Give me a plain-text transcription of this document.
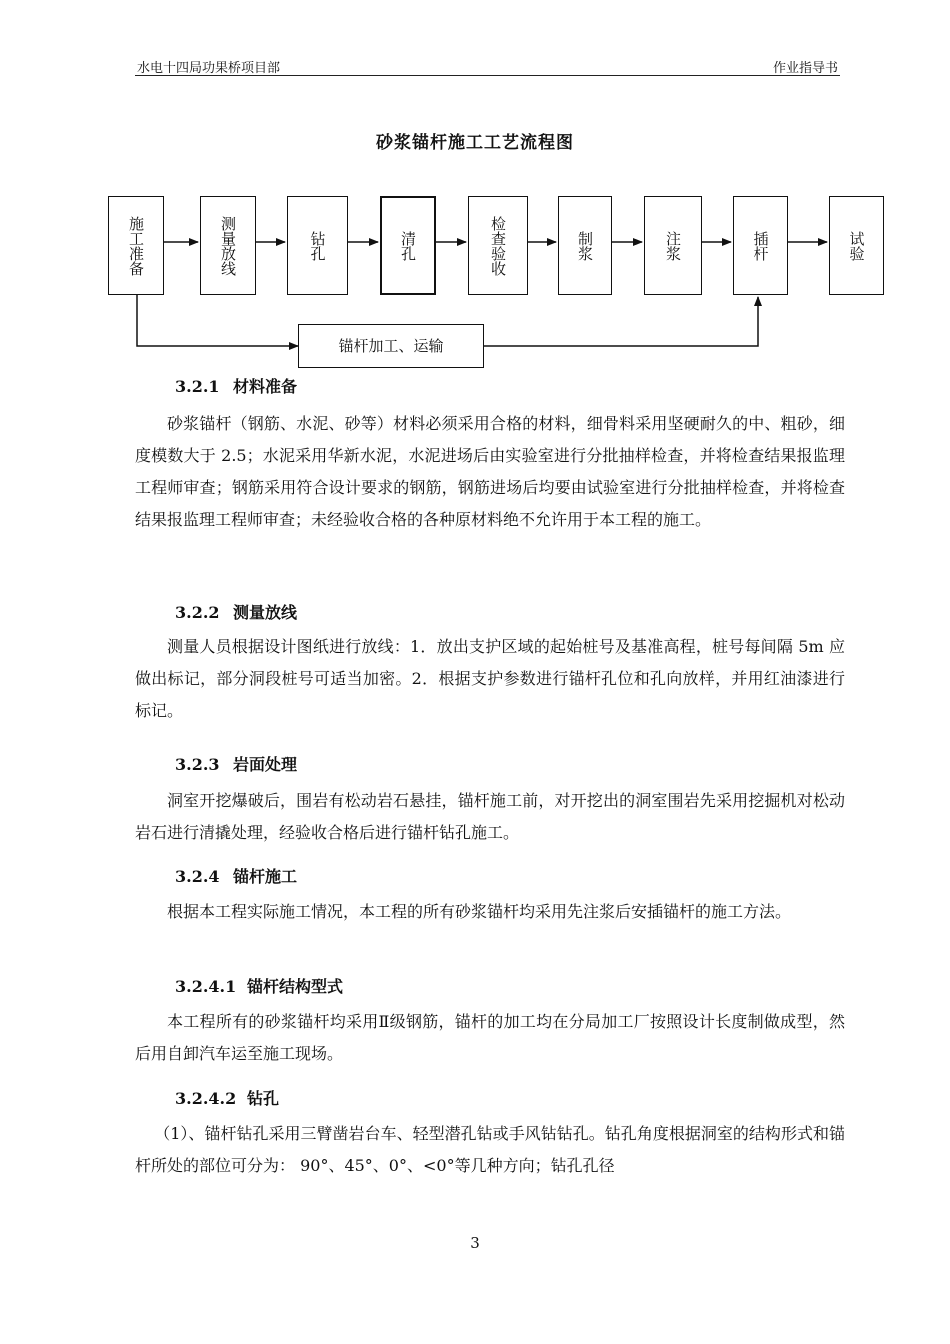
水电十四局功果桥项目部	作业指导书
砂浆锚杆施工工艺流程图
施工准备	测量放线	钻孔	清孔	检查验收	制浆	注浆	插杆	试验
锚杆加工、运输
3.2.1 材料准备
砂浆锚杆（钢筋、水泥、砂等）材料必须采用合格的材料，细骨料采用坚硬耐久的中、粗砂，细度模数大于 2.5；水泥采用华新水泥，水泥进场后由实验室进行分批抽样检查，并将检查结果报监理工程师审查；钢筋采用符合设计要求的钢筋，钢筋进场后均要由试验室进行分批抽样检查，并将检查结果报监理工程师审查；未经验收合格的各种原材料绝不允许用于本工程的施工。
3.2.2 测量放线
测量人员根据设计图纸进行放线：1．放出支护区域的起始桩号及基准高程，桩号每间隔 5m 应做出标记，部分洞段桩号可适当加密。2．根据支护参数进行锚杆孔位和孔向放样，并用红油漆进行标记。
3.2.3 岩面处理
洞室开挖爆破后，围岩有松动岩石悬挂，锚杆施工前，对开挖出的洞室围岩先采用挖掘机对松动岩石进行清撬处理，经验收合格后进行锚杆钻孔施工。
3.2.4 锚杆施工
根据本工程实际施工情况，本工程的所有砂浆锚杆均采用先注浆后安插锚杆的施工方法。
3.2.4.1 锚杆结构型式
本工程所有的砂浆锚杆均采用Ⅱ级钢筋，锚杆的加工均在分局加工厂按照设计长度制做成型，然后用自卸汽车运至施工现场。
3.2.4.2 钻孔
（1）、锚杆钻孔采用三臂凿岩台车、轻型潜孔钻或手风钻钻孔。钻孔角度根据洞室的结构形式和锚杆所处的部位可分为： 90°、45°、0°、<0°等几种方向；钻孔孔径
3
